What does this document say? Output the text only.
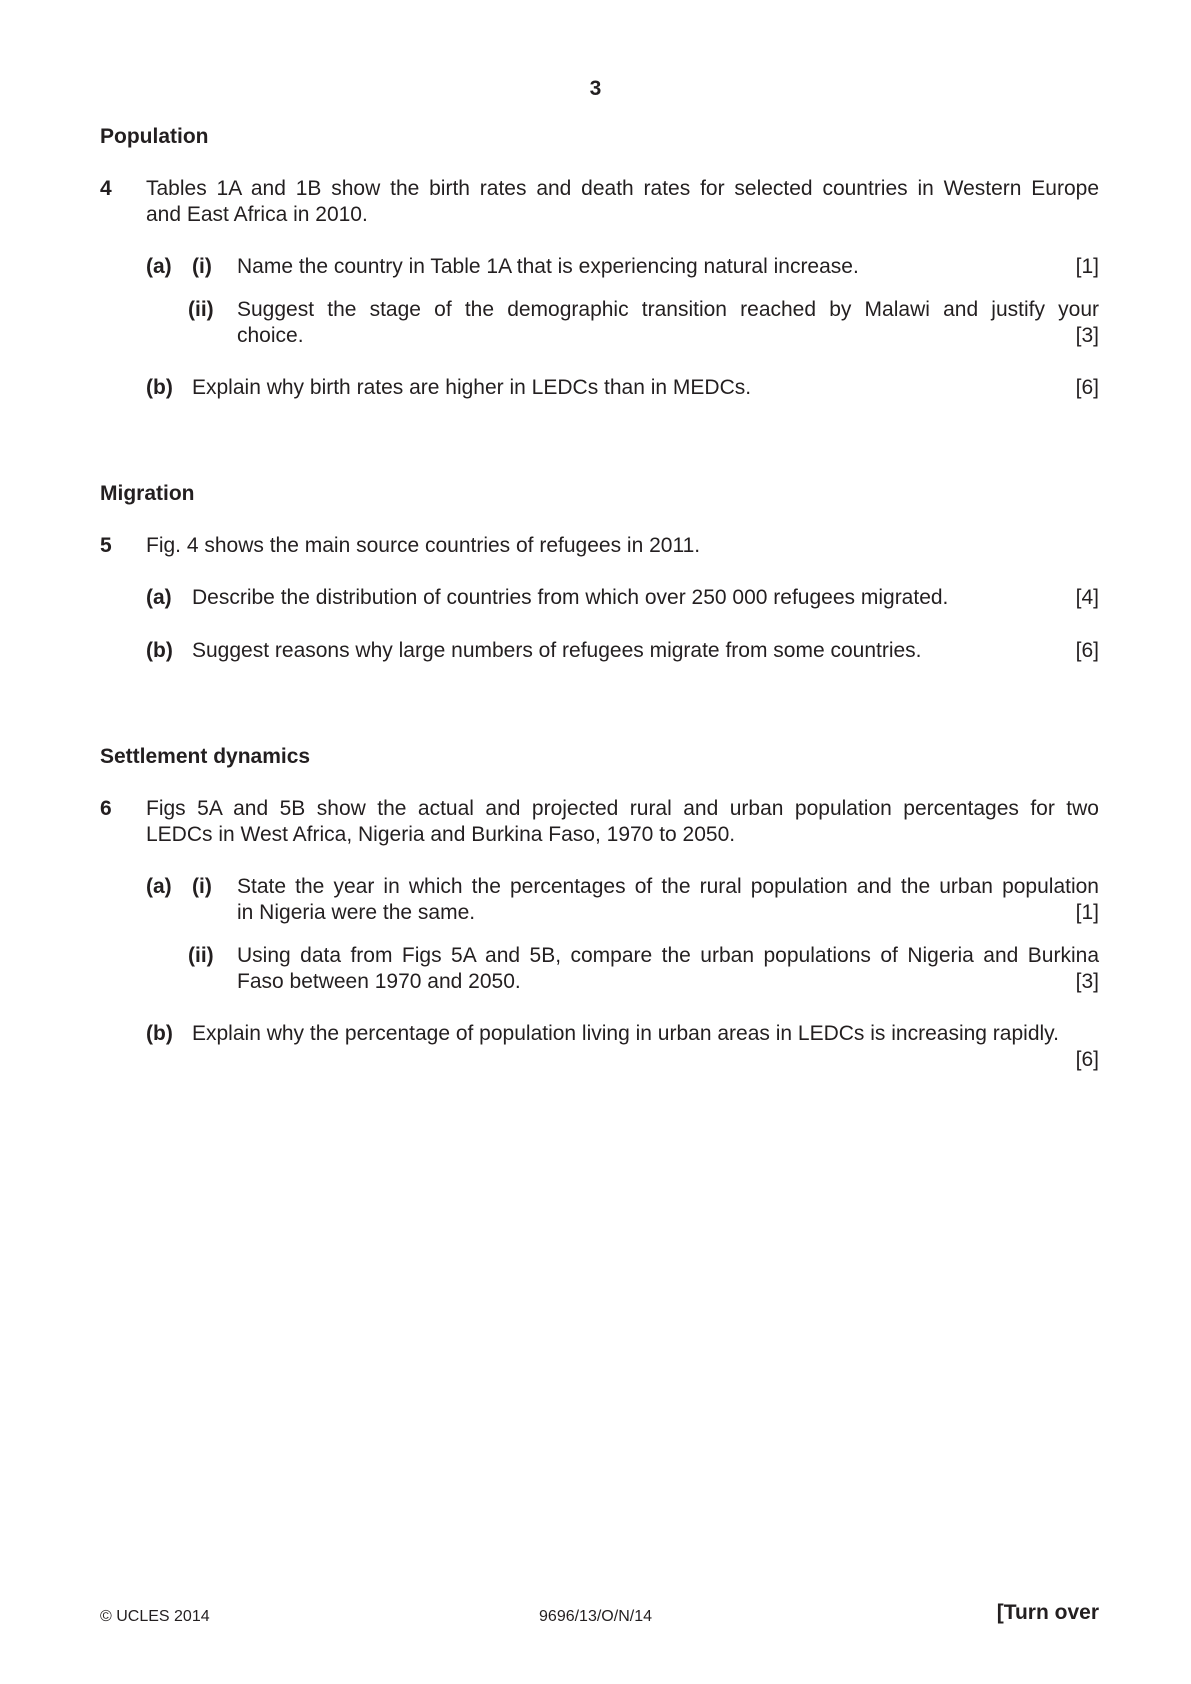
3
Population
4 Tables 1A and 1B show the birth rates and death rates for selected countries in Western Europe
and East Africa in 2010.
(a) (i) Name the country in Table 1A that is experiencing natural increase.	[1]
(ii) Suggest the stage of the demographic transition reached by Malawi and justify your
choice.	[3]
(b) Explain why birth rates are higher in LEDCs than in MEDCs.	[6]
Migration
5 Fig. 4 shows the main source countries of refugees in 2011.
(a) Describe the distribution of countries from which over 250 000 refugees migrated.	[4]
(b) Suggest reasons why large numbers of refugees migrate from some countries.	[6]
Settlement dynamics
6 Figs 5A and 5B show the actual and projected rural and urban population percentages for two
LEDCs in West Africa, Nigeria and Burkina Faso, 1970 to 2050.
(a) (i) State the year in which the percentages of the rural population and the urban population
in Nigeria were the same.	[1]
(ii) Using data from Figs 5A and 5B, compare the urban populations of Nigeria and Burkina
Faso between 1970 and 2050.	[3]
(b) Explain why the percentage of population living in urban areas in LEDCs is increasing rapidly.
[6]
© UCLES 2014	9696/13/O/N/14	[Turn over
